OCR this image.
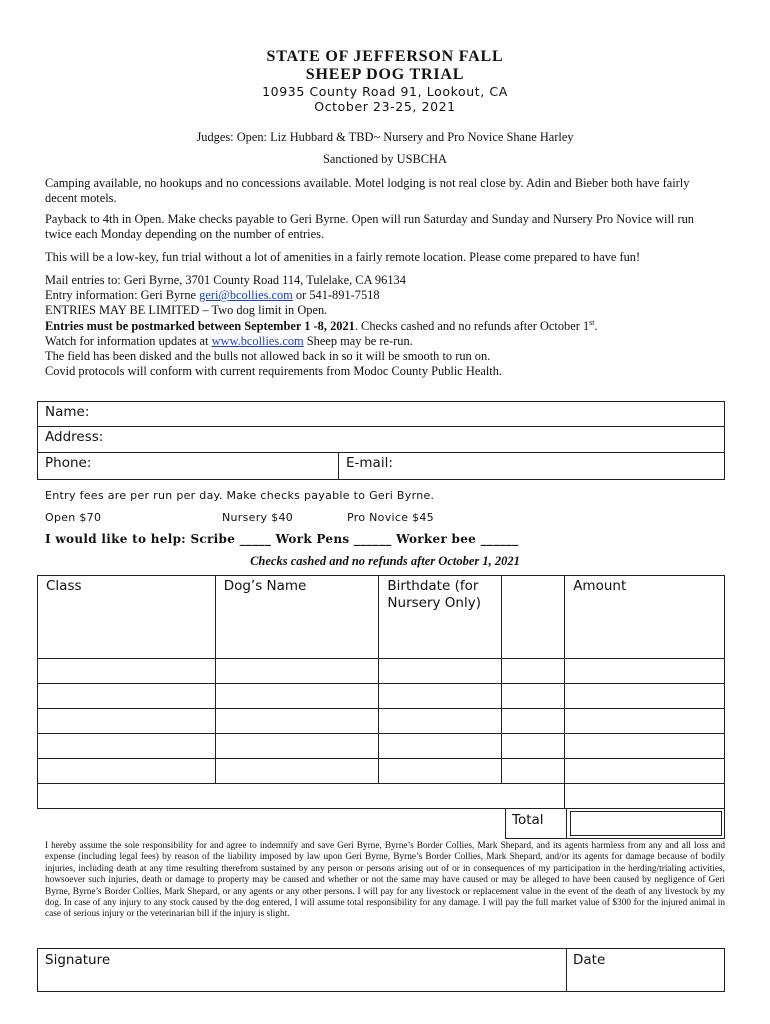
STATE OF JEFFERSON FALL
SHEEP DOG TRIAL
10935 County Road 91, Lookout, CA
October 23-25, 2021
Judges: Open: Liz Hubbard & TBD~ Nursery and Pro Novice Shane Harley
Sanctioned by USBCHA
Camping available, no hookups and no concessions available. Motel lodging is not real close by. Adin and Bieber both have fairly decent motels.
Payback to 4th in Open. Make checks payable to Geri Byrne. Open will run Saturday and Sunday and Nursery Pro Novice will run twice each Monday depending on the number of entries.
This will be a low-key, fun trial without a lot of amenities in a fairly remote location. Please come prepared to have fun!
Mail entries to: Geri Byrne, 3701 County Road 114, Tulelake, CA 96134
Entry information: Geri Byrne geri@bcollies.com or 541-891-7518
ENTRIES MAY BE LIMITED – Two dog limit in Open.
Entries must be postmarked between September 1 -8, 2021. Checks cashed and no refunds after October 1st.
Watch for information updates at www.bcollies.com Sheep may be re-run.
The field has been disked and the bulls not allowed back in so it will be smooth to run on.
Covid protocols will conform with current requirements from Modoc County Public Health.
Name:
Address:
Phone:	E-mail:
Entry fees are per run per day. Make checks payable to Geri Byrne.
Open $70	Nursery $40	Pro Novice $45
I would like to help: Scribe _____ Work Pens ______ Worker bee ______
Checks cashed and no refunds after October 1, 2021
Class	Dog’s Name	Birthdate (for Nursery Only)		Amount

Total
I hereby assume the sole responsibility for and agree to indemnify and save Geri Byrne, Byrne’s Border Collies, Mark Shepard, and its agents harmless from any and all loss and expense (including legal fees) by reason of the liability imposed by law upon Geri Byrne, Byrne’s Border Collies, Mark Shepard, and/or its agents for damage because of bodily injuries, including death at any time resulting therefrom sustained by any person or persons arising out of or in consequences of my participation in the herding/trialing activities, howsoever such injuries, death or damage to property may be caused and whether or not the same may have caused or may be alleged to have been caused by negligence of Geri Byrne, Byrne’s Border Collies, Mark Shepard, or any agents or any other persons. I will pay for any livestock or replacement value in the event of the death of any livestock by my dog. In case of any injury to any stock caused by the dog entered, I will assume total responsibility for any damage. I will pay the full market value of $300 for the injured animal in case of serious injury or the veterinarian bill if the injury is slight.
Signature	Date
